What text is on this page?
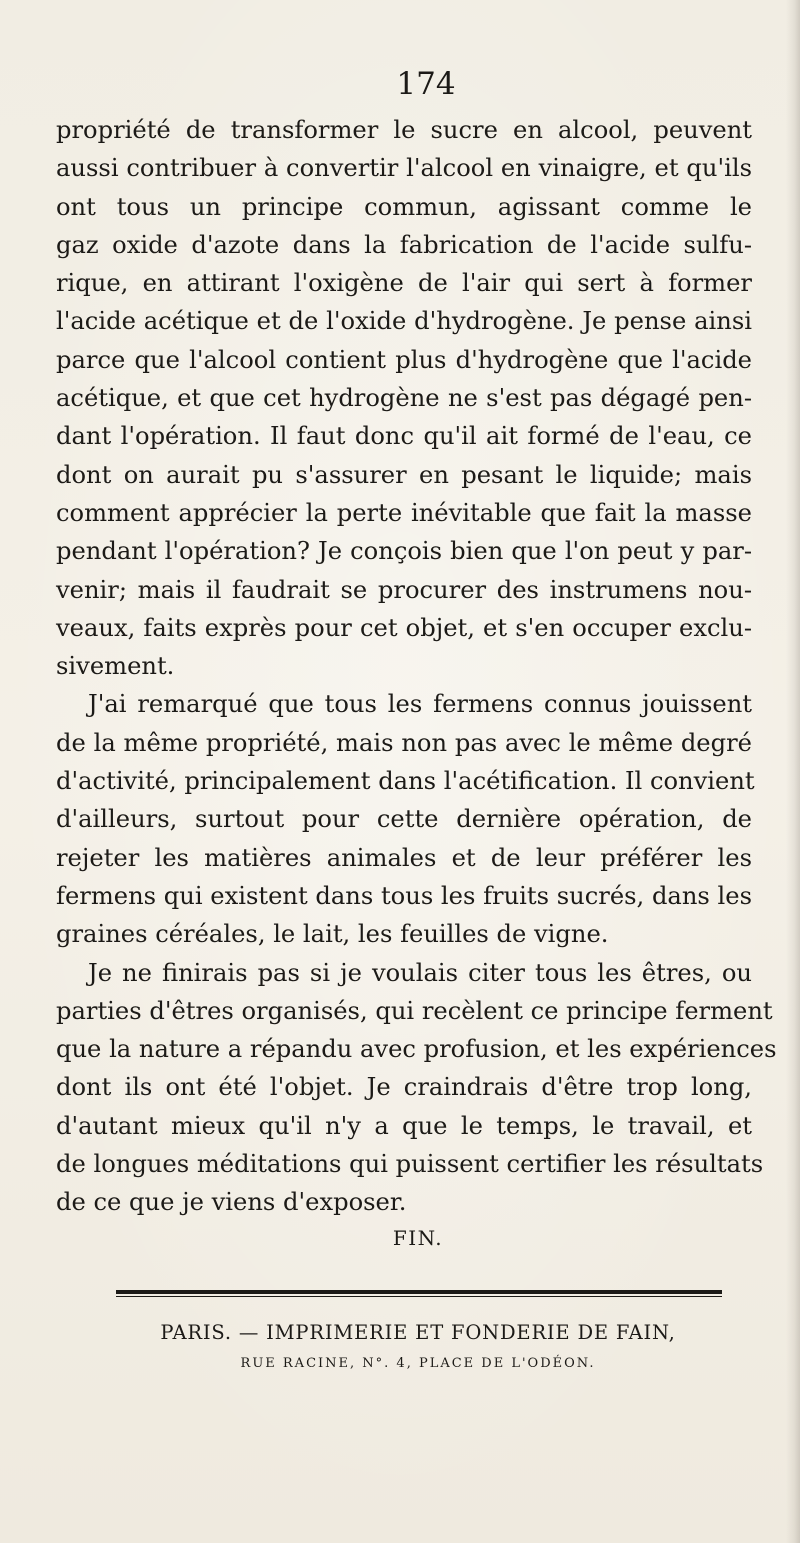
174
propriété de transformer le sucre en alcool, peuvent
aussi contribuer à convertir l'alcool en vinaigre, et qu'ils
ont tous un principe commun, agissant comme le
gaz oxide d'azote dans la fabrication de l'acide sulfu-
rique, en attirant l'oxigène de l'air qui sert à former
l'acide acétique et de l'oxide d'hydrogène. Je pense ainsi
parce que l'alcool contient plus d'hydrogène que l'acide
acétique, et que cet hydrogène ne s'est pas dégagé pen-
dant l'opération. Il faut donc qu'il ait formé de l'eau, ce
dont on aurait pu s'assurer en pesant le liquide; mais
comment apprécier la perte inévitable que fait la masse
pendant l'opération? Je conçois bien que l'on peut y par-
venir; mais il faudrait se procurer des instrumens nou-
veaux, faits exprès pour cet objet, et s'en occuper exclu-
sivement.
J'ai remarqué que tous les fermens connus jouissent
de la même propriété, mais non pas avec le même degré
d'activité, principalement dans l'acétification. Il convient
d'ailleurs, surtout pour cette dernière opération, de
rejeter les matières animales et de leur préférer les
fermens qui existent dans tous les fruits sucrés, dans les
graines céréales, le lait, les feuilles de vigne.
Je ne finirais pas si je voulais citer tous les êtres, ou
parties d'êtres organisés, qui recèlent ce principe ferment
que la nature a répandu avec profusion, et les expériences
dont ils ont été l'objet. Je craindrais d'être trop long,
d'autant mieux qu'il n'y a que le temps, le travail, et
de longues méditations qui puissent certifier les résultats
de ce que je viens d'exposer.
FIN.
PARIS. — IMPRIMERIE ET FONDERIE DE FAIN,
RUE RACINE, N°. 4, PLACE DE L'ODÉON.
